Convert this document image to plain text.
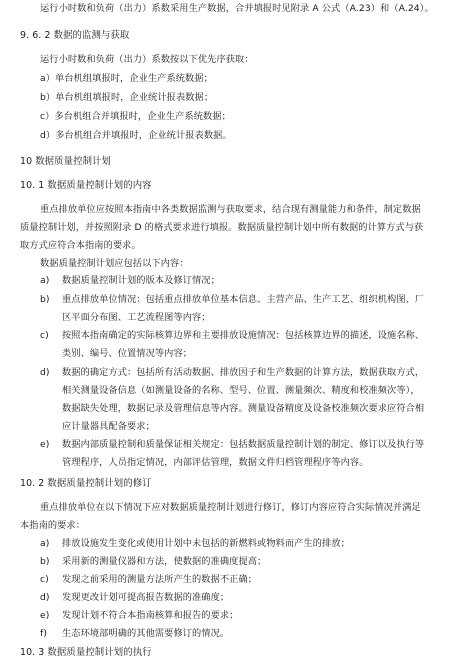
运行小时数和负荷（出力）系数采用生产数据，合并填报时见附录 A 公式（A.23）和（A.24）。
9. 6. 2 数据的监测与获取
运行小时数和负荷（出力）系数按以下优先序获取：
a）单台机组填报时，企业生产系统数据；
b）单台机组填报时，企业统计报表数据；
c）多台机组合并填报时，企业生产系统数据；
d）多台机组合并填报时，企业统计报表数据。
10 数据质量控制计划
10. 1 数据质量控制计划的内容
重点排放单位应按照本指南中各类数据监测与获取要求，结合现有测量能力和条件，制定数据
质量控制计划，并按照附录 D 的格式要求进行填报。数据质量控制计划中所有数据的计算方式与获
取方式应符合本指南的要求。
数据质量控制计划应包括以下内容：
a) 数据质量控制计划的版本及修订情况；
b) 重点排放单位情况：包括重点排放单位基本信息、主营产品、生产工艺、组织机构图、厂
区平面分布图、工艺流程图等内容；
c) 按照本指南确定的实际核算边界和主要排放设施情况：包括核算边界的描述，设施名称、
类别、编号、位置情况等内容；
d) 数据的确定方式：包括所有活动数据、排放因子和生产数据的计算方法，数据获取方式，
相关测量设备信息（如测量设备的名称、型号、位置、测量频次、精度和校准频次等），
数据缺失处理，数据记录及管理信息等内容。测量设备精度及设备校准频次要求应符合相
应计量器具配备要求；
e) 数据内部质量控制和质量保证相关规定：包括数据质量控制计划的制定、修订以及执行等
管理程序，人员指定情况，内部评估管理，数据文件归档管理程序等内容。
10. 2 数据质量控制计划的修订
重点排放单位在以下情况下应对数据质量控制计划进行修订，修订内容应符合实际情况并满足
本指南的要求：
a) 排放设施发生变化或使用计划中未包括的新燃料或物料而产生的排放；
b) 采用新的测量仪器和方法，使数据的准确度提高；
c) 发现之前采用的测量方法所产生的数据不正确；
d) 发现更改计划可提高报告数据的准确度；
e) 发现计划不符合本指南核算和报告的要求；
f) 生态环境部明确的其他需要修订的情况。
10. 3 数据质量控制计划的执行
